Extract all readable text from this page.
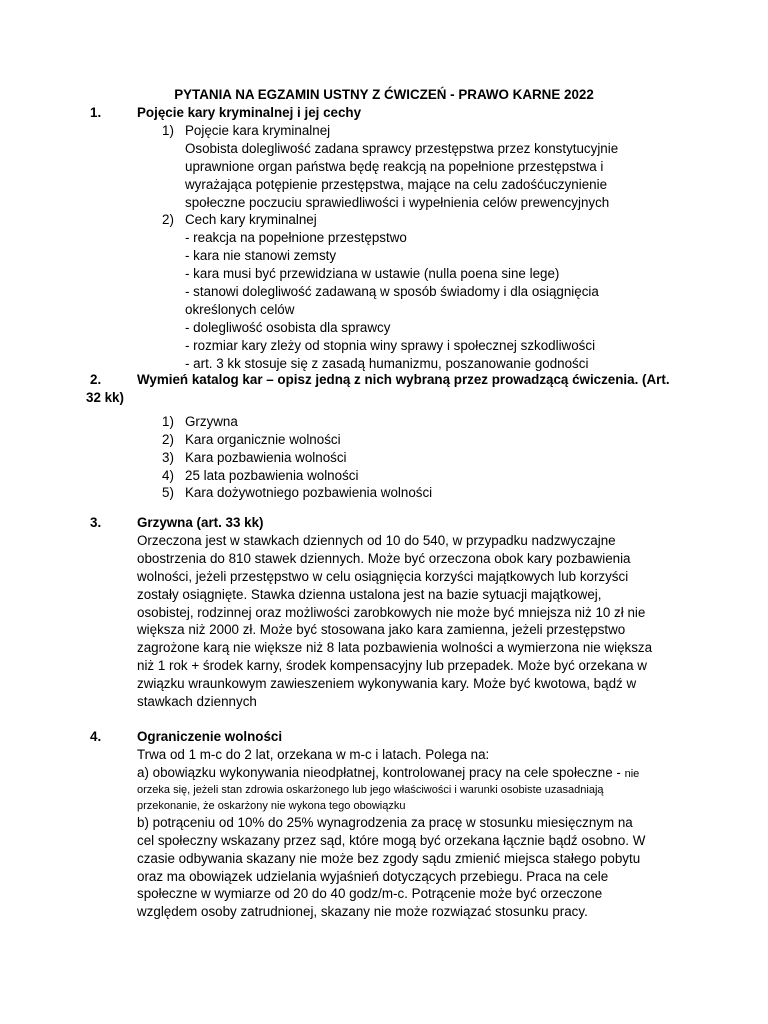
PYTANIA NA EGZAMIN USTNY Z ĆWICZEŃ - PRAWO KARNE 2022
1.	Pojęcie kary kryminalnej i jej cechy
1) Pojęcie kara kryminalnej
Osobista dolegliwość zadana sprawcy przestępstwa przez konstytucyjnie
uprawnione organ państwa będę reakcją na popełnione przestępstwa i
wyrażająca potępienie przestępstwa, mające na celu zadośćuczynienie
społeczne poczuciu sprawiedliwości i wypełnienia celów prewencyjnych
2) Cech kary kryminalnej
- reakcja na popełnione przestępstwo
- kara nie stanowi zemsty
- kara musi być przewidziana w ustawie (nulla poena sine lege)
- stanowi dolegliwość zadawaną w sposób świadomy i dla osiągnięcia
określonych celów
- dolegliwość osobista dla sprawcy
- rozmiar kary zleży od stopnia winy sprawy i społecznej szkodliwości
- art. 3 kk stosuje się z zasadą humanizmu, poszanowanie godności
2.	Wymień katalog kar – opisz jedną z nich wybraną przez prowadzącą ćwiczenia. (Art.
32 kk)
1) Grzywna
2) Kara organicznie wolności
3) Kara pozbawienia wolności
4) 25 lata pozbawienia wolności
5) Kara dożywotniego pozbawienia wolności
3.	Grzywna (art. 33 kk)
Orzeczona jest w stawkach dziennych od 10 do 540, w przypadku nadzwyczajne
obostrzenia do 810 stawek dziennych. Może być orzeczona obok kary pozbawienia
wolności, jeżeli przestępstwo w celu osiągnięcia korzyści majątkowych lub korzyści
zostały osiągnięte. Stawka dzienna ustalona jest na bazie sytuacji majątkowej,
osobistej, rodzinnej oraz możliwości zarobkowych nie może być mniejsza niż 10 zł nie
większa niż 2000 zł. Może być stosowana jako kara zamienna, jeżeli przestępstwo
zagrożone karą nie większe niż 8 lata pozbawienia wolności a wymierzona nie większa
niż 1 rok + środek karny, środek kompensacyjny lub przepadek. Może być orzekana w
związku wraunkowym zawieszeniem wykonywania kary. Może być kwotowa, bądź w
stawkach dziennych
4.	Ograniczenie wolności
Trwa od 1 m-c do 2 lat, orzekana w m-c i latach. Polega na:
a) obowiązku wykonywania nieodpłatnej, kontrolowanej pracy na cele społeczne - nie
orzeka się, jeżeli stan zdrowia oskarżonego lub jego właściwości i warunki osobiste uzasadniają
przekonanie, że oskarżony nie wykona tego obowiązku
b) potrąceniu od 10% do 25% wynagrodzenia za pracę w stosunku miesięcznym na
cel społeczny wskazany przez sąd, które mogą być orzekana łącznie bądź osobno. W
czasie odbywania skazany nie może bez zgody sądu zmienić miejsca stałego pobytu
oraz ma obowiązek udzielania wyjaśnień dotyczących przebiegu. Praca na cele
społeczne w wymiarze od 20 do 40 godz/m-c. Potrącenie może być orzeczone
względem osoby zatrudnionej, skazany nie może rozwiązać stosunku pracy.
